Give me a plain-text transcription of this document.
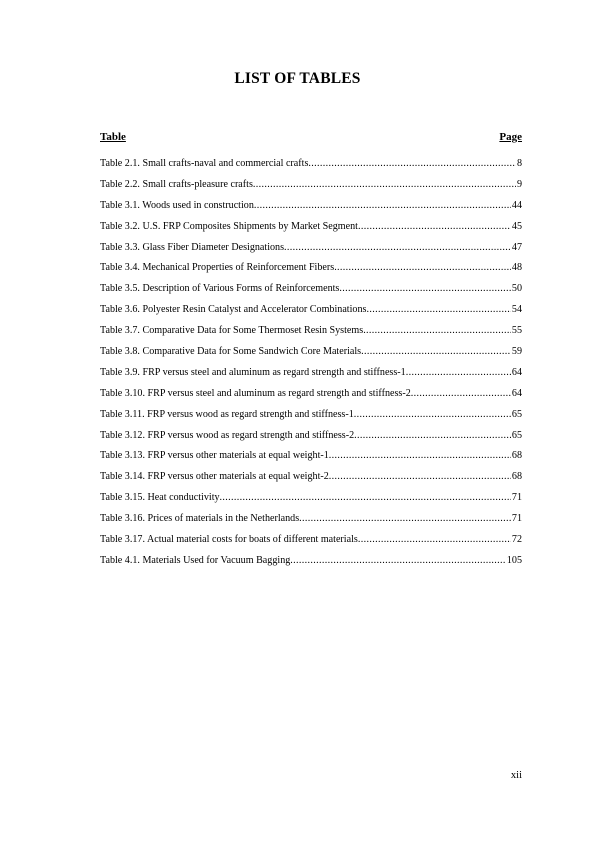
LIST OF TABLES
Table	Page
Table 2.1. Small crafts-naval and commercial crafts .....	8
Table 2.2. Small crafts-pleasure crafts .....	9
Table 3.1. Woods used in construction .....	44
Table 3.2. U.S. FRP Composites Shipments by Market Segment .....	45
Table 3.3. Glass Fiber Diameter Designations .....	47
Table 3.4. Mechanical Properties of Reinforcement Fibers .....	48
Table 3.5. Description of Various Forms of Reinforcements .....	50
Table 3.6. Polyester Resin Catalyst and Accelerator Combinations .....	54
Table 3.7. Comparative Data for Some Thermoset Resin Systems .....	55
Table 3.8. Comparative Data for Some Sandwich Core Materials .....	59
Table 3.9. FRP versus steel and aluminum as regard strength and stiffness-1 .....	64
Table 3.10. FRP versus steel and aluminum as regard strength and stiffness-2 .....	64
Table 3.11. FRP versus wood as regard strength and stiffness-1 .....	65
Table 3.12. FRP versus wood as regard strength and stiffness-2 .....	65
Table 3.13. FRP versus other materials at equal weight-1 .....	68
Table 3.14. FRP versus other materials at equal weight-2 .....	68
Table 3.15. Heat conductivity .....	71
Table 3.16. Prices of materials in the Netherlands .....	71
Table 3.17. Actual material costs for boats of different materials .....	72
Table 4.1. Materials Used for Vacuum Bagging .....	105
xii
